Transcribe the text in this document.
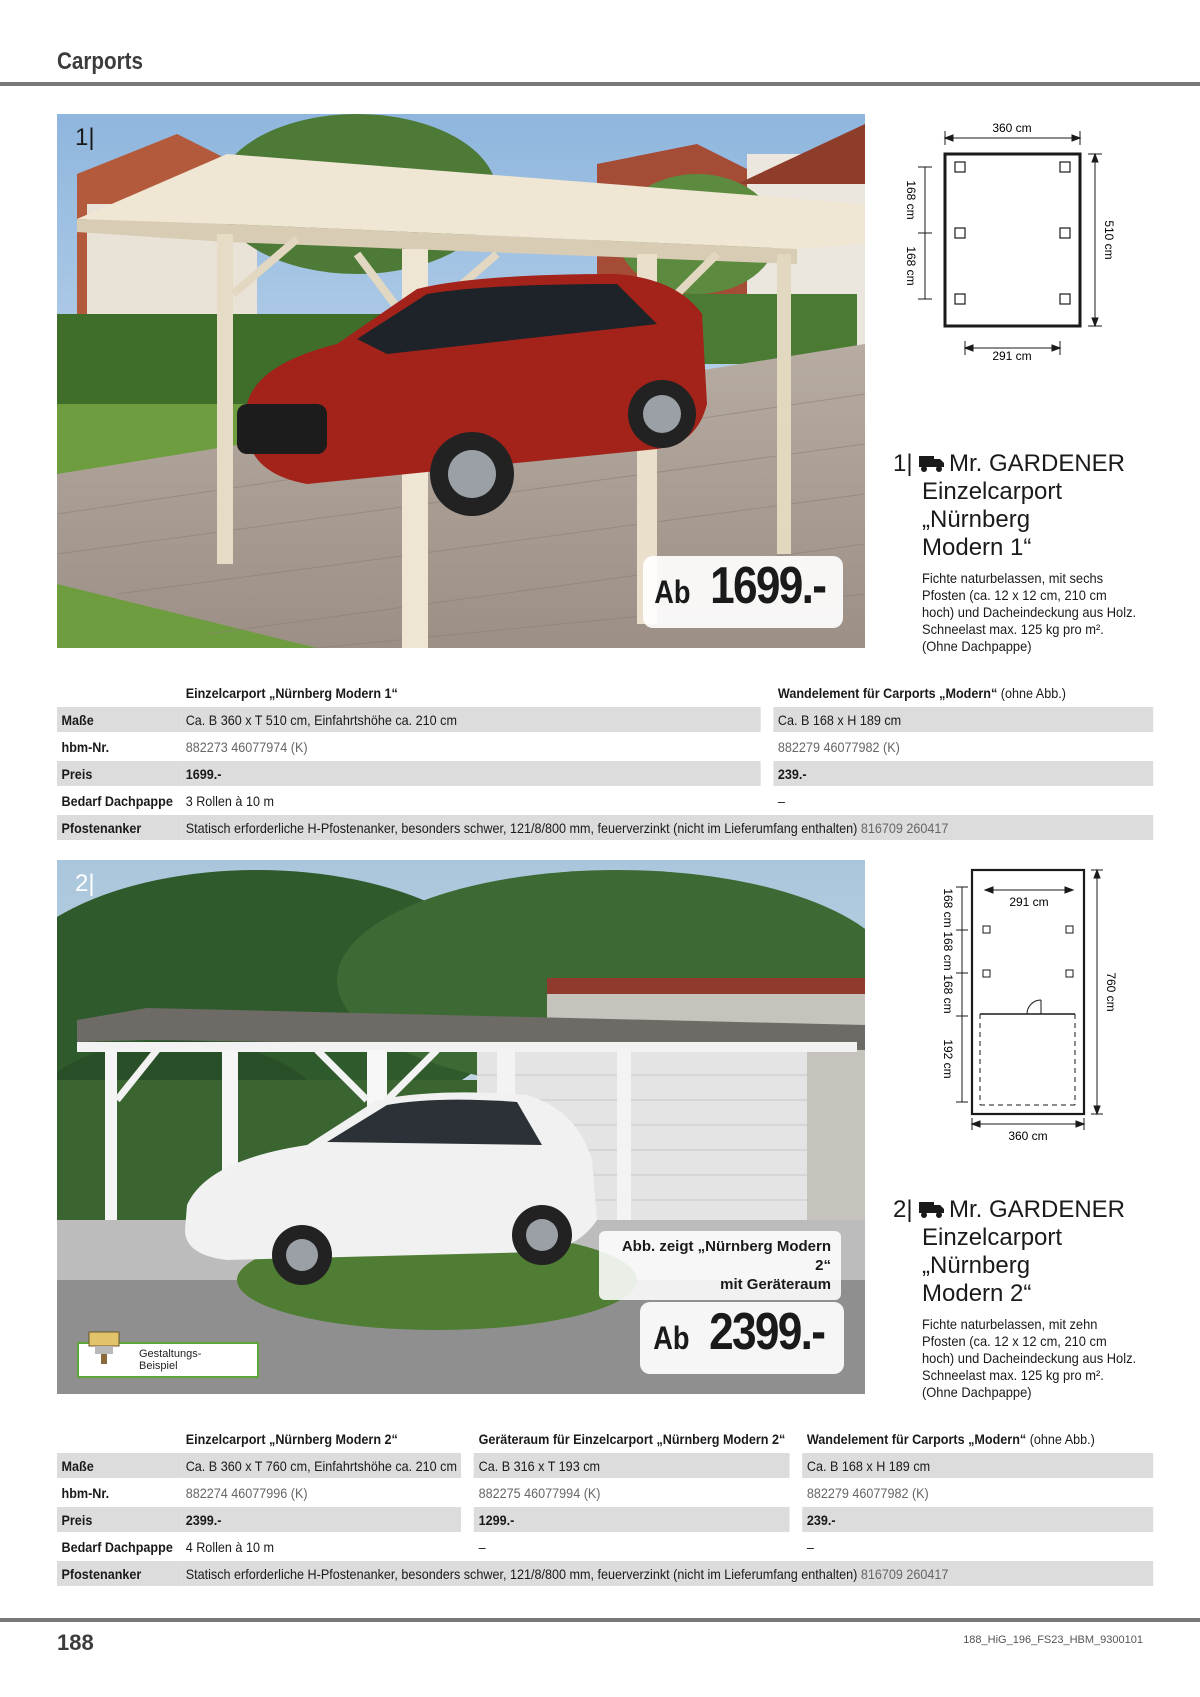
Carports
1|
Ab 1699.-
360 cm
291 cm
510 cm
168 cm
168 cm
1| Mr. GARDENER
Einzelcarport
„Nürnberg
Modern 1“
Fichte naturbelassen, mit sechs
Pfosten (ca. 12 x 12 cm, 210 cm
hoch) und Dacheindeckung aus Holz.
Schneelast max. 125 kg pro m².
(Ohne Dachpappe)
	Einzelcarport „Nürnberg Modern 1“		Wandelement für Carports „Modern“ (ohne Abb.)
Maße	Ca. B 360 x T 510 cm, Einfahrtshöhe ca. 210 cm		Ca. B 168 x H 189 cm
hbm-Nr.	882273 46077974 (K)		882279 46077982 (K)
Preis	1699.-		239.-
Bedarf Dachpappe	3 Rollen à 10 m		–
Pfostenanker	Statisch erforderliche H-Pfostenanker, besonders schwer, 121/8/800 mm, feuerverzinkt (nicht im Lieferumfang enthalten) 816709 260417		
2|
Abb. zeigt „Nürnberg Modern 2“
mit Geräteraum
Ab 2399.-
Gestaltungs-
Beispiel
291 cm
360 cm
760 cm
168 cm
168 cm
168 cm
192 cm
2| Mr. GARDENER
Einzelcarport
„Nürnberg
Modern 2“
Fichte naturbelassen, mit zehn
Pfosten (ca. 12 x 12 cm, 210 cm
hoch) und Dacheindeckung aus Holz.
Schneelast max. 125 kg pro m².
(Ohne Dachpappe)
	Einzelcarport „Nürnberg Modern 2“		Geräteraum für Einzelcarport „Nürnberg Modern 2“		Wandelement für Carports „Modern“ (ohne Abb.)
Maße	Ca. B 360 x T 760 cm, Einfahrtshöhe ca. 210 cm		Ca. B 316 x T 193 cm		Ca. B 168 x H 189 cm
hbm-Nr.	882274 46077996 (K)		882275 46077994 (K)		882279 46077982 (K)
Preis	2399.-		1299.-		239.-
Bedarf Dachpappe	4 Rollen à 10 m		–		–
Pfostenanker	Statisch erforderliche H-Pfostenanker, besonders schwer, 121/8/800 mm, feuerverzinkt (nicht im Lieferumfang enthalten) 816709 260417				
188	188_HiG_196_FS23_HBM_9300101
